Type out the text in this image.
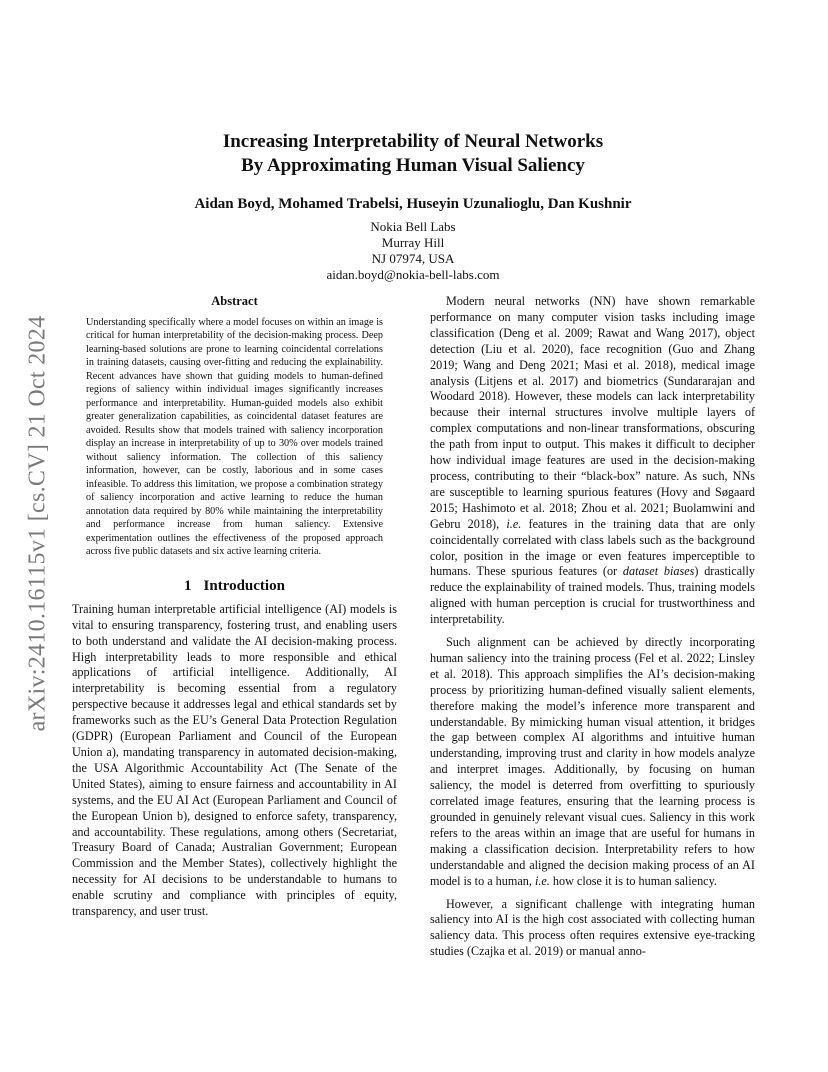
arXiv:2410.16115v1 [cs.CV] 21 Oct 2024
Increasing Interpretability of Neural Networks
By Approximating Human Visual Saliency
Aidan Boyd, Mohamed Trabelsi, Huseyin Uzunalioglu, Dan Kushnir
Nokia Bell Labs
Murray Hill
NJ 07974, USA
aidan.boyd@nokia-bell-labs.com
Abstract
Understanding specifically where a model focuses on within an image is critical for human interpretability of the decision-making process. Deep learning-based solutions are prone to learning coincidental correlations in training datasets, causing over-fitting and reducing the explainability. Recent advances have shown that guiding models to human-defined regions of saliency within individual images significantly increases performance and interpretability. Human-guided models also exhibit greater generalization capabilities, as coincidental dataset features are avoided. Results show that models trained with saliency incorporation display an increase in interpretability of up to 30% over models trained without saliency information. The collection of this saliency information, however, can be costly, laborious and in some cases infeasible. To address this limitation, we propose a combination strategy of saliency incorporation and active learning to reduce the human annotation data required by 80% while maintaining the interpretability and performance increase from human saliency. Extensive experimentation outlines the effectiveness of the proposed approach across five public datasets and six active learning criteria.
1 Introduction

Training human interpretable artificial intelligence (AI) models is vital to ensuring transparency, fostering trust, and enabling users to both understand and validate the AI decision-making process. High interpretability leads to more responsible and ethical applications of artificial intelligence. Additionally, AI interpretability is becoming essential from a regulatory perspective because it addresses legal and ethical standards set by frameworks such as the EU’s General Data Protection Regulation (GDPR) (European Parliament and Council of the European Union a), mandating transparency in automated decision-making, the USA Algorithmic Accountability Act (The Senate of the United States), aiming to ensure fairness and accountability in AI systems, and the EU AI Act (European Parliament and Council of the European Union b), designed to enforce safety, transparency, and accountability. These regulations, among others (Secretariat, Treasury Board of Canada; Australian Government; European Commission and the Member States), collectively highlight the necessity for AI decisions to be understandable to humans to enable scrutiny and compliance with principles of equity, transparency, and user trust.

Modern neural networks (NN) have shown remarkable performance on many computer vision tasks including image classification (Deng et al. 2009; Rawat and Wang 2017), object detection (Liu et al. 2020), face recognition (Guo and Zhang 2019; Wang and Deng 2021; Masi et al. 2018), medical image analysis (Litjens et al. 2017) and biometrics (Sundararajan and Woodard 2018). However, these models can lack interpretability because their internal structures involve multiple layers of complex computations and non-linear transformations, obscuring the path from input to output. This makes it difficult to decipher how individual image features are used in the decision-making process, contributing to their “black-box” nature. As such, NNs are susceptible to learning spurious features (Hovy and Søgaard 2015; Hashimoto et al. 2018; Zhou et al. 2021; Buolamwini and Gebru 2018), i.e. features in the training data that are only coincidentally correlated with class labels such as the background color, position in the image or even features imperceptible to humans. These spurious features (or dataset biases) drastically reduce the explainability of trained models. Thus, training models aligned with human perception is crucial for trustworthiness and interpretability.

Such alignment can be achieved by directly incorporating human saliency into the training process (Fel et al. 2022; Linsley et al. 2018). This approach simplifies the AI’s decision-making process by prioritizing human-defined visually salient elements, therefore making the model’s inference more transparent and understandable. By mimicking human visual attention, it bridges the gap between complex AI algorithms and intuitive human understanding, improving trust and clarity in how models analyze and interpret images. Additionally, by focusing on human saliency, the model is deterred from overfitting to spuriously correlated image features, ensuring that the learning process is grounded in genuinely relevant visual cues. Saliency in this work refers to the areas within an image that are useful for humans in making a classification decision. Interpretability refers to how understandable and aligned the decision making process of an AI model is to a human, i.e. how close it is to human saliency.

However, a significant challenge with integrating human saliency into AI is the high cost associated with collecting human saliency data. This process often requires extensive eye-tracking studies (Czajka et al. 2019) or manual anno-
